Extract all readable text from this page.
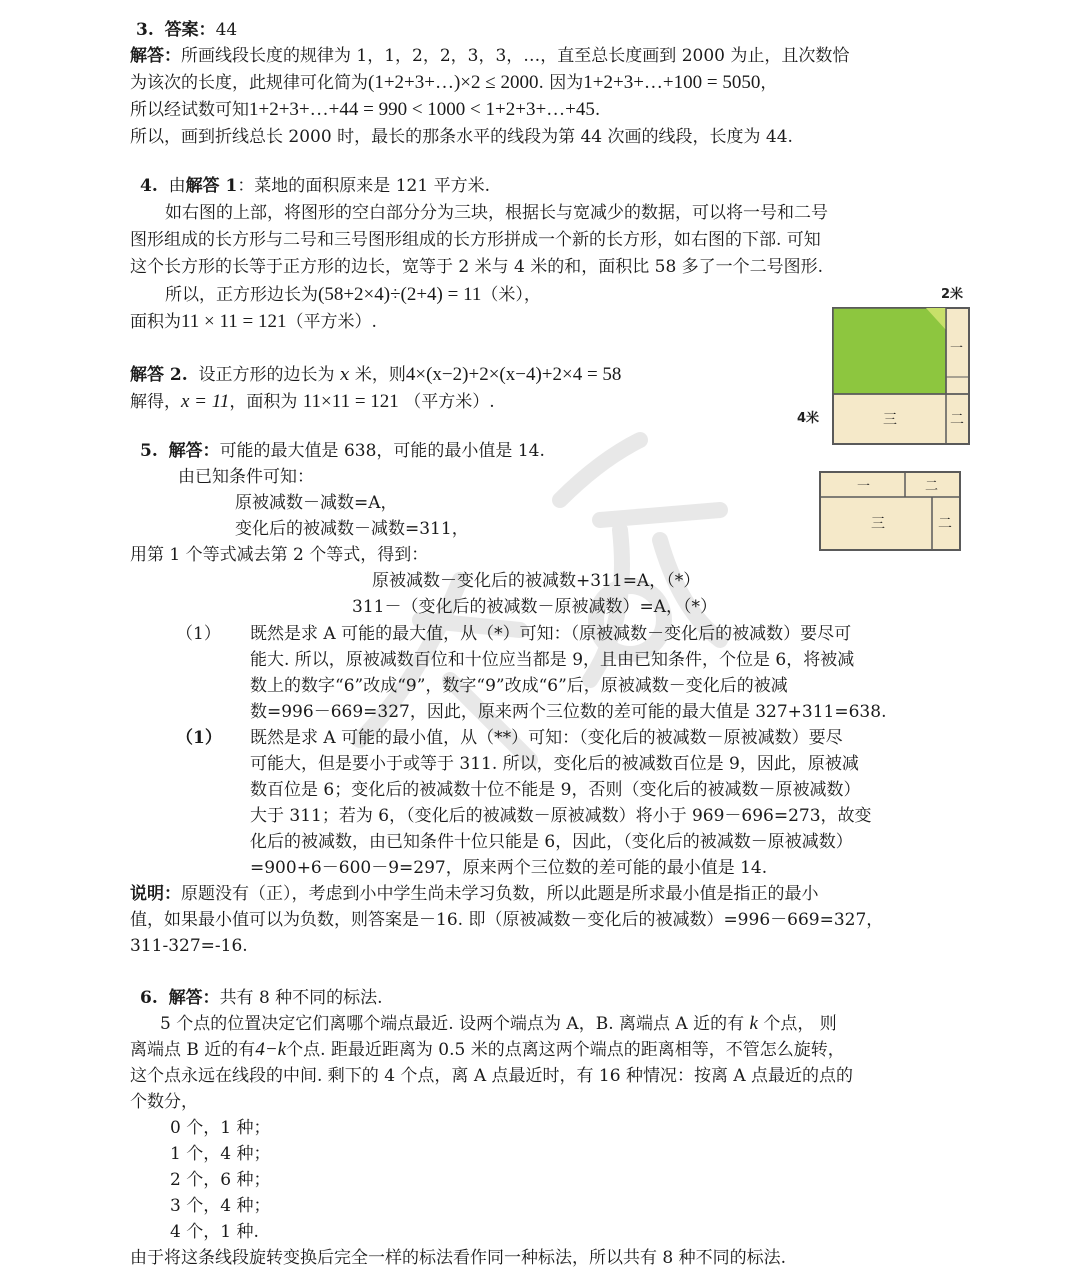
3. 答案：44
解答：所画线段长度的规律为 1，1，2，2，3，3，…，直至总长度画到 2000 为止，且次数恰
为该次的长度，此规律可化简为(1+2+3+…)×2 ≤ 2000. 因为1+2+3+…+100 = 5050，
所以经试数可知1+2+3+…+44 = 990 < 1000 < 1+2+3+…+45.
所以，画到折线总长 2000 时，最长的那条水平的线段为第 44 次画的线段，长度为 44.
4. 由解答 1：菜地的面积原来是 121 平方米.
如右图的上部，将图形的空白部分分为三块，根据长与宽减少的数据，可以将一号和二号
图形组成的长方形与二号和三号图形组成的长方形拼成一个新的长方形，如右图的下部. 可知
这个长方形的长等于正方形的边长，宽等于 2 米与 4 米的和，面积比 58 多了一个二号图形.
所以，正方形边长为(58+2×4)÷(2+4) = 11（米），
面积为11 × 11 = 121（平方米）.
解答 2. 设正方形的边长为 x 米，则4×(x−2)+2×(x−4)+2×4 = 58
解得，x = 11，面积为 11×11 = 121 （平方米）.
一
三	二
2米
4米
一	二
三	二
5. 解答：可能的最大值是 638，可能的最小值是 14.
由已知条件可知：
原被减数－减数=A，
变化后的被减数－减数=311，
用第 1 个等式减去第 2 个等式，得到：
原被减数－变化后的被减数+311=A，（*）
311－（变化后的被减数－原被减数）=A，（*）
（1） 既然是求 A 可能的最大值，从（*）可知：（原被减数－变化后的被减数）要尽可
能大. 所以，原被减数百位和十位应当都是 9，且由已知条件，个位是 6，将被减
数上的数字“6”改成“9”，数字“9”改成“6”后，原被减数－变化后的被减
数=996－669=327，因此，原来两个三位数的差可能的最大值是 327+311=638.
（1） 既然是求 A 可能的最小值，从（**）可知：（变化后的被减数－原被减数）要尽
可能大，但是要小于或等于 311. 所以，变化后的被减数百位是 9，因此，原被减
数百位是 6；变化后的被减数十位不能是 9，否则（变化后的被减数－原被减数）
大于 311；若为 6，（变化后的被减数－原被减数）将小于 969－696=273，故变
化后的被减数，由已知条件十位只能是 6，因此，（变化后的被减数－原被减数）
=900+6－600－9=297，原来两个三位数的差可能的最小值是 14.
说明：原题没有（正），考虑到小中学生尚未学习负数，所以此题是所求最小值是指正的最小
值，如果最小值可以为负数，则答案是－16. 即（原被减数－变化后的被减数）=996－669=327，
311-327=-16.
6. 解答：共有 8 种不同的标法.
5 个点的位置决定它们离哪个端点最近. 设两个端点为 A，B. 离端点 A 近的有 k 个点， 则
离端点 B 近的有4−k个点. 距最近距离为 0.5 米的点离这两个端点的距离相等，不管怎么旋转，
这个点永远在线段的中间. 剩下的 4 个点，离 A 点最近时，有 16 种情况：按离 A 点最近的点的
个数分，
0 个，1 种；
1 个，4 种；
2 个，6 种；
3 个，4 种；
4 个，1 种.
由于将这条线段旋转变换后完全一样的标法看作同一种标法，所以共有 8 种不同的标法.
